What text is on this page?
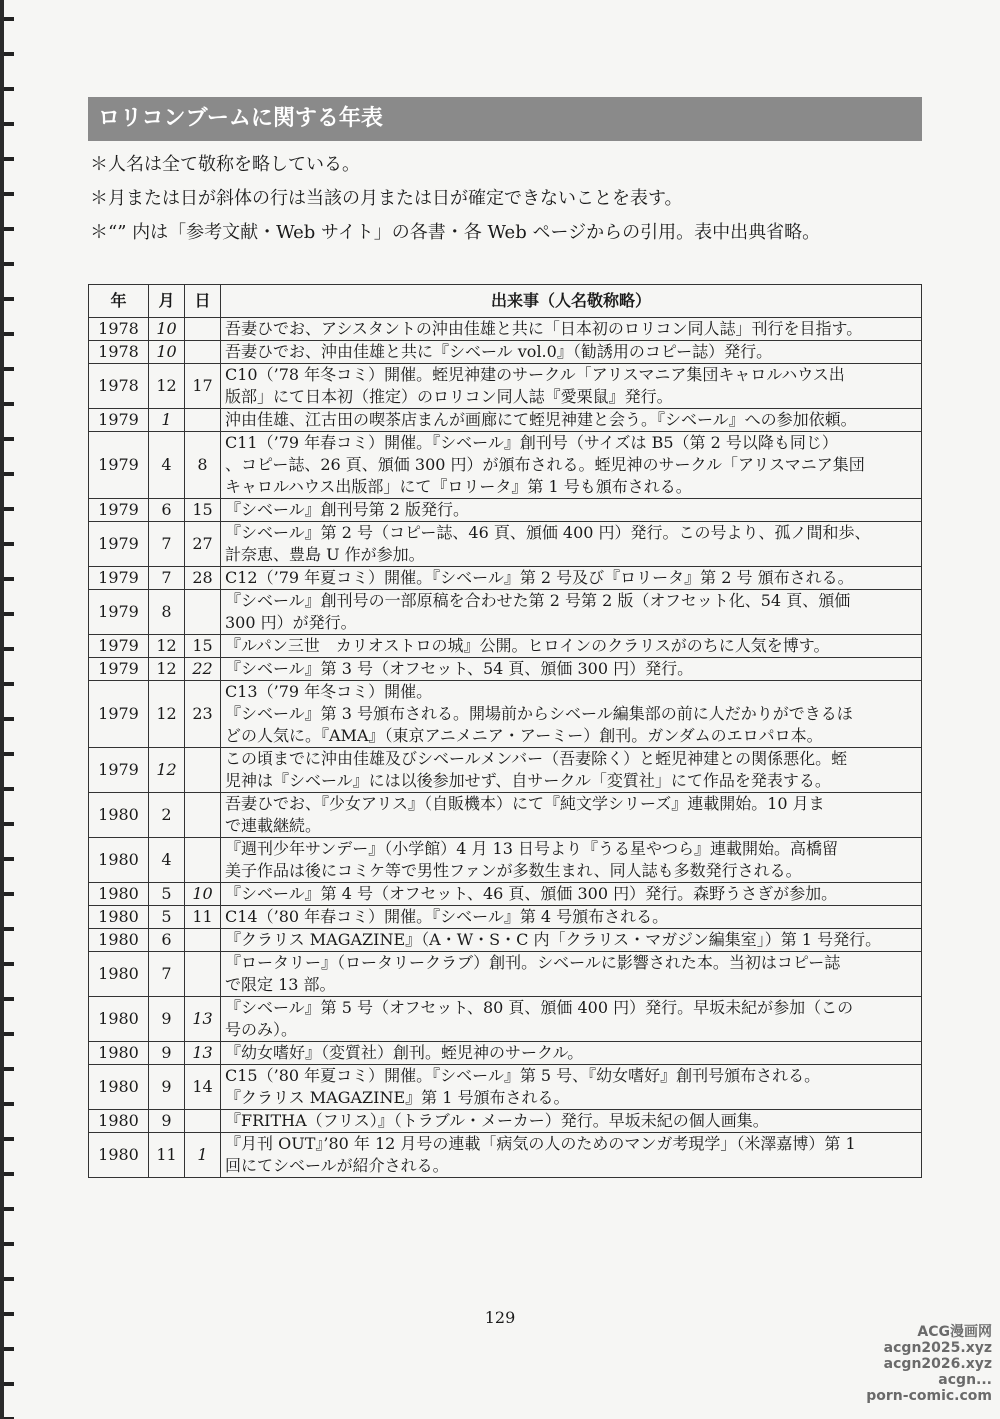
ロリコンブームに関する年表
＊人名は全て敬称を略している。
＊月または日が斜体の行は当該の月または日が確定できないことを表す。
＊“” 内は「参考文献・Web サイト」の各書・各 Web ページからの引用。表中出典省略。
年	月	日	出来事（人名敬称略）
1978	10		吾妻ひでお、アシスタントの沖由佳雄と共に「日本初のロリコン同人誌」刊行を目指す。
1978	10		吾妻ひでお、沖由佳雄と共に『シベール vol.0』（勧誘用のコピー誌）発行。
1978	12	17	C10（’78 年冬コミ）開催。蛭児神建のサークル「アリスマニア集団キャロルハウス出
版部」にて日本初（推定）のロリコン同人誌『愛栗鼠』発行。
1979	1		沖由佳雄、江古田の喫茶店まんが画廊にて蛭児神建と会う。『シベール』への参加依頼。
1979	4	8	C11（’79 年春コミ）開催。『シベール』創刊号（サイズは B5（第 2 号以降も同じ）
、コピー誌、26 頁、頒価 300 円）が頒布される。蛭児神のサークル「アリスマニア集団
キャロルハウス出版部」にて『ロリータ』第 1 号も頒布される。
1979	6	15	『シベール』創刊号第 2 版発行。
1979	7	27	『シベール』第 2 号（コピー誌、46 頁、頒価 400 円）発行。この号より、孤ノ間和歩、
計奈恵、豊島 U 作が参加。
1979	7	28	C12（’79 年夏コミ）開催。『シベール』第 2 号及び『ロリータ』第 2 号 頒布される。
1979	8		『シベール』創刊号の一部原稿を合わせた第 2 号第 2 版（オフセット化、54 頁、頒価
300 円）が発行。
1979	12	15	『ルパン三世　カリオストロの城』公開。ヒロインのクラリスがのちに人気を博す。
1979	12	22	『シベール』第 3 号（オフセット、54 頁、頒価 300 円）発行。
1979	12	23	C13（’79 年冬コミ）開催。
『シベール』第 3 号頒布される。開場前からシベール編集部の前に人だかりができるほ
どの人気に。『AMA』（東京アニメニア・アーミー）創刊。ガンダムのエロパロ本。
1979	12		この頃までに沖由佳雄及びシベールメンバー（吾妻除く）と蛭児神建との関係悪化。蛭
児神は『シベール』には以後参加せず、自サークル「変質社」にて作品を発表する。
1980	2		吾妻ひでお、『少女アリス』（自販機本）にて『純文学シリーズ』連載開始。10 月ま
で連載継続。
1980	4		『週刊少年サンデー』（小学館）4 月 13 日号より『うる星やつら』連載開始。高橋留
美子作品は後にコミケ等で男性ファンが多数生まれ、同人誌も多数発行される。
1980	5	10	『シベール』第 4 号（オフセット、46 頁、頒価 300 円）発行。森野うさぎが参加。
1980	5	11	C14（’80 年春コミ）開催。『シベール』第 4 号頒布される。
1980	6		『クラリス MAGAZINE』（A・W・S・C 内「クラリス・マガジン編集室」）第 1 号発行。
1980	7		『ロータリー』（ロータリークラブ）創刊。シベールに影響された本。当初はコピー誌
で限定 13 部。
1980	9	13	『シベール』第 5 号（オフセット、80 頁、頒価 400 円）発行。早坂未紀が参加（この
号のみ）。
1980	9	13	『幼女嗜好』（変質社）創刊。蛭児神のサークル。
1980	9	14	C15（’80 年夏コミ）開催。『シベール』第 5 号、『幼女嗜好』創刊号頒布される。
『クラリス MAGAZINE』第 1 号頒布される。
1980	9		『FRITHA（フリス）』（トラブル・メーカー）発行。早坂未紀の個人画集。
1980	11	1	『月刊 OUT』’80 年 12 月号の連載「病気の人のためのマンガ考現学」（米澤嘉博）第 1
回にてシベールが紹介される。
129
ACG漫画网
acgn2025.xyz
acgn2026.xyz
acgn...
porn-comic.com
